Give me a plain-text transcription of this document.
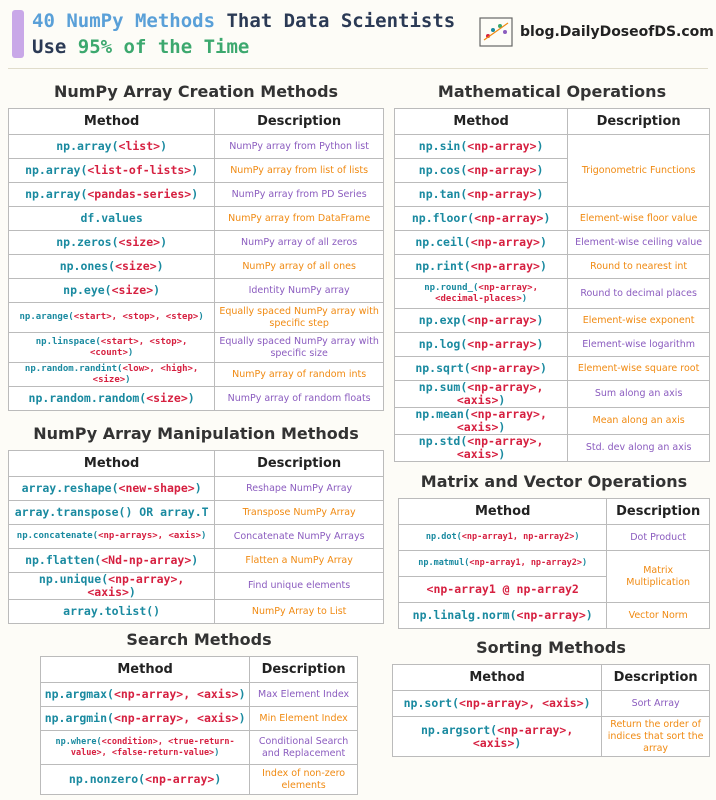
40 NumPy Methods That Data Scientists
Use 95% of the Time
blog.DailyDoseofDS.com
NumPy Array Creation Methods
Method	Description
np.array(<list>)	NumPy array from Python list
np.array(<list-of-lists>)	NumPy array from list of lists
np.array(<pandas-series>)	NumPy array from PD Series
df.values	NumPy array from DataFrame
np.zeros(<size>)	NumPy array of all zeros
np.ones(<size>)	NumPy array of all ones
np.eye(<size>)	Identity NumPy array
np.arange(<start>, <stop>, <step>)	Equally spaced NumPy array with specific step
np.linspace(<start>, <stop>, <count>)	Equally spaced NumPy array with specific size
np.random.randint(<low>, <high>, <size>)	NumPy array of random ints
np.random.random(<size>)	NumPy array of random floats
NumPy Array Manipulation Methods
Method	Description
array.reshape(<new-shape>)	Reshape NumPy Array
array.transpose() OR array.T	Transpose NumPy Array
np.concatenate(<np-arrays>, <axis>)	Concatenate NumPy Arrays
np.flatten(<Nd-np-array>)	Flatten a NumPy Array
np.unique(<np-array>, <axis>)	Find unique elements
array.tolist()	NumPy Array to List
Search Methods
Method	Description
np.argmax(<np-array>, <axis>)	Max Element Index
np.argmin(<np-array>, <axis>)	Min Element Index
np.where(<condition>, <true-return-value>, <false-return-value>)	Conditional Search and Replacement
np.nonzero(<np-array>)	Index of non-zero elements
Mathematical Operations
Method	Description
np.sin(<np-array>)	Trigonometric Functions
np.cos(<np-array>)	
np.tan(<np-array>)	
np.floor(<np-array>)	Element-wise floor value
np.ceil(<np-array>)	Element-wise ceiling value
np.rint(<np-array>)	Round to nearest int
np.round_(<np-array>, <decimal-places>)	Round to decimal places
np.exp(<np-array>)	Element-wise exponent
np.log(<np-array>)	Element-wise logarithm
np.sqrt(<np-array>)	Element-wise square root
np.sum(<np-array>, <axis>)	Sum along an axis
np.mean(<np-array>, <axis>)	Mean along an axis
np.std(<np-array>, <axis>)	Std. dev along an axis
Matrix and Vector Operations
Method	Description
np.dot(<np-array1, np-array2>)	Dot Product
np.matmul(<np-array1, np-array2>)	Matrix Multiplication
<np-array1 @ np-array2	
np.linalg.norm(<np-array>)	Vector Norm
Sorting Methods
Method	Description
np.sort(<np-array>, <axis>)	Sort Array
np.argsort(<np-array>, <axis>)	Return the order of indices that sort the array
